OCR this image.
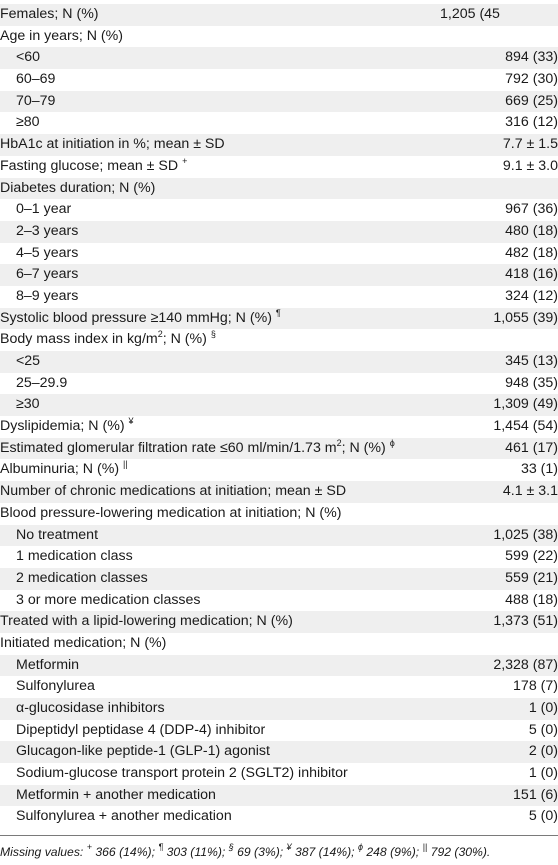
Females; N (%)	1,205 (45
Age in years; N (%)
<60	894 (33)
60–69	792 (30)
70–79	669 (25)
≥80	316 (12)
HbA1c at initiation in %; mean ± SD	7.7 ± 1.5
Fasting glucose; mean ± SD +	9.1 ± 3.0
Diabetes duration; N (%)
0–1 year	967 (36)
2–3 years	480 (18)
4–5 years	482 (18)
6–7 years	418 (16)
8–9 years	324 (12)
Systolic blood pressure ≥140 mmHg; N (%) ¶	1,055 (39)
Body mass index in $kg/m^2$; N (%) §
<25	345 (13)
25–29.9	948 (35)
≥30	1,309 (49)
Dyslipidemia; N (%) ¥	1,454 (54)
Estimated glomerular filtration rate ≤60 ml/min/1.73 $m^2$; N (%) $^\phi$	461 (17)
Albuminuria; N (%) ||	33 (1)
Number of chronic medications at initiation; mean ± SD	4.1 ± 3.1
Blood pressure-lowering medication at initiation; N (%)
No treatment	1,025 (38)
1 medication class	599 (22)
2 medication classes	559 (21)
3 or more medication classes	488 (18)
Treated with a lipid-lowering medication; N (%)	1,373 (51)
Initiated medication; N (%)
Metformin	2,328 (87)
Sulfonylurea	178 (7)
α-glucosidase inhibitors	1 (0)
Dipeptidyl peptidase 4 (DDP-4) inhibitor	5 (0)
Glucagon-like peptide-1 (GLP-1) agonist	2 (0)
Sodium-glucose transport protein 2 (SGLT2) inhibitor	1 (0)
Metformin + another medication	151 (6)
Sulfonylurea + another medication	5 (0)
Missing values: + 366 (14%); ¶ 303 (11%); § 69 (3%); ¥ 387 (14%); $^\phi$ 248 (9%); || 792 (30%).
